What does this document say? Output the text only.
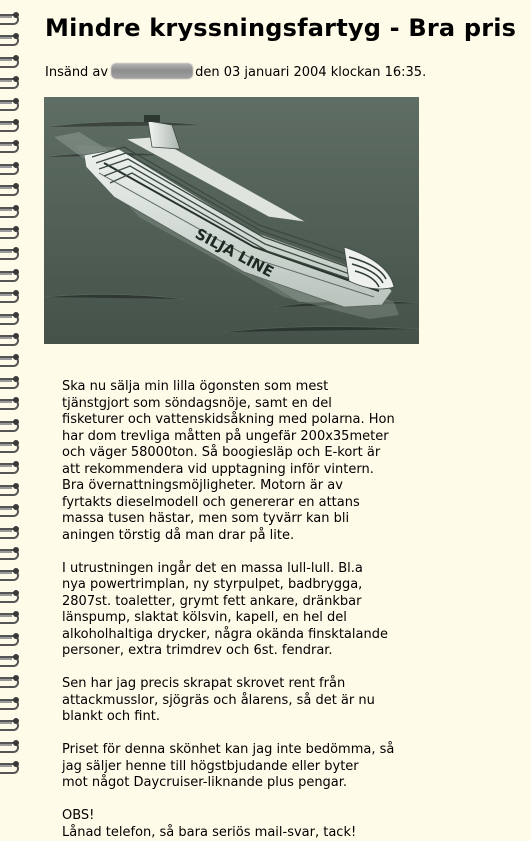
Mindre kryssningsfartyg - Bra pris
Insänd av	den 03 januari 2004 klockan 16:35.
SILJA LINE

Ska nu sälja min lilla ögonsten som mest
tjänstgjort som söndagsnöje, samt en del
fisketurer och vattenskidsåkning med polarna. Hon
har dom trevliga måtten på ungefär 200x35meter
och väger 58000ton. Så boogiesläp och E-kort är
att rekommendera vid upptagning inför vintern.
Bra övernattningsmöjligheter. Motorn är av
fyrtakts dieselmodell och genererar en attans
massa tusen hästar, men som tyvärr kan bli
aningen törstig då man drar på lite.

I utrustningen ingår det en massa lull-lull. Bl.a
nya powertrimplan, ny styrpulpet, badbrygga,
2807st. toaletter, grymt fett ankare, dränkbar
länspump, slaktat kölsvin, kapell, en hel del
alkoholhaltiga drycker, några okända finsktalande
personer, extra trimdrev och 6st. fendrar.

Sen har jag precis skrapat skrovet rent från
attackmusslor, sjögräs och ålarens, så det är nu
blankt och fint.

Priset för denna skönhet kan jag inte bedömma, så
jag säljer henne till högstbjudande eller byter
mot något Daycruiser-liknande plus pengar.

OBS!
Lånad telefon, så bara seriös mail-svar, tack!
